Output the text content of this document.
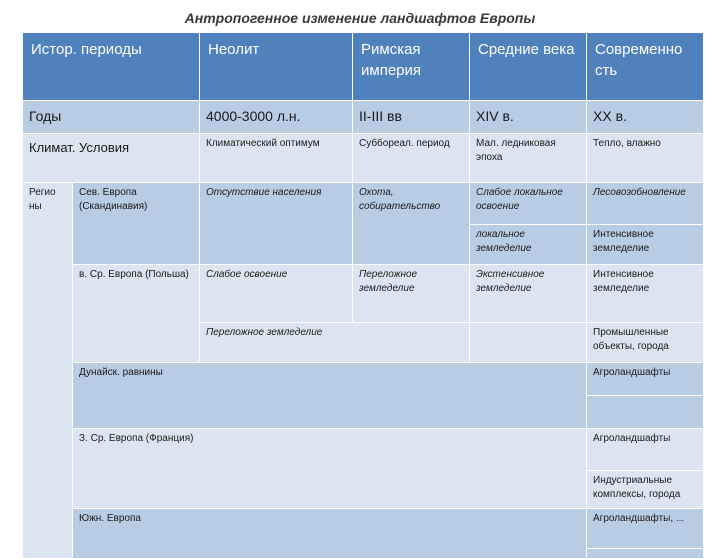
Антропогенное изменение ландшафтов Европы
Истор. периоды		Неолит	Римская империя	Средние века	Современно сть
Годы		4000-3000 л.н.	II-III вв	XIV в.	XX в.
Климат. Условия		Климатический оптимум	Суббореал. период	Мал. ледниковая эпоха	Тепло, влажно
Регио ны	Сев. Европа (Скандинавия)	Отсутствие населения	Охота, собирательство	Слабое локальное освоение	Лесовозобновление
				локальное земледелие	Интенсивное земледелие
	в. Ср. Европа (Польша)	Слабое освоение	Переложное земледелие	Экстенсивное земледелие	Интенсивное земледелие
		Переложное земледелие			Промышленные объекты, города
	Дунайск. равнины				Агроландшафты

	З. Ср. Европа (Франция)				Агроландшафты
					Индустриальные комплексы, города
	Южн. Европа				Агроландшафты, ...
